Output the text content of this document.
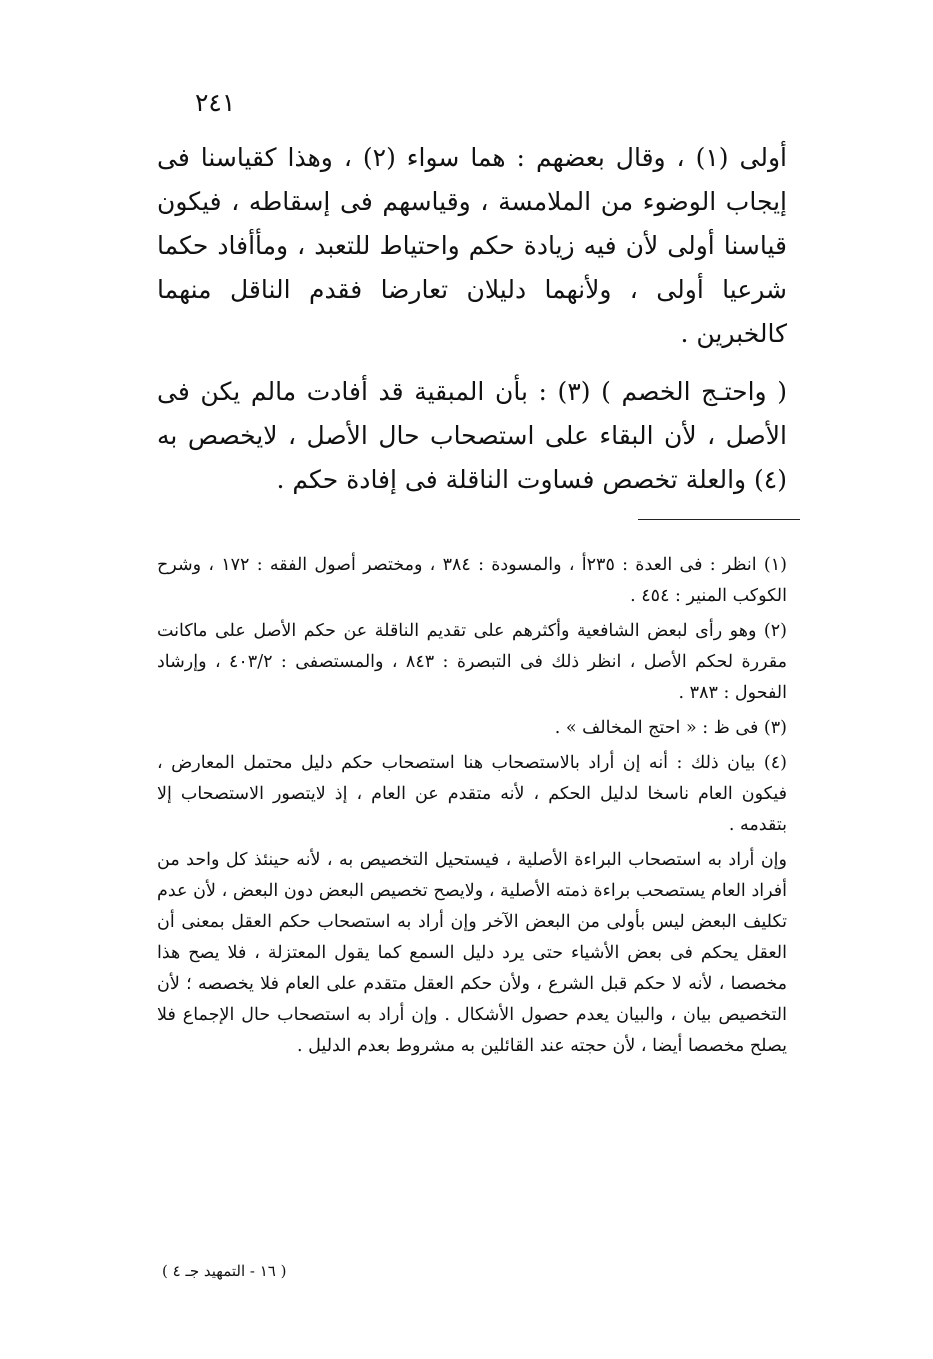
٢٤١

أولى (١) ، وقال بعضهم : هما سواء (٢) ، وهذا كقياسنا فى إيجاب الوضوء من الملامسة ، وقياسهم فى إسقاطه ، فيكون قياسنا أولى لأن فيه زيادة حكم واحتياط للتعبد ، ومأأفاد حكما شرعيا أولى ، ولأنهما دليلان تعارضا فقدم الناقل منهما كالخبرين .

( واحتـج الخصم ) (٣) : بأن المبقية قد أفادت مالم يكن فى الأصل ، لأن البقاء على استصحاب حال الأصل ، لايخصص به (٤) والعلة تخصص فساوت الناقلة فى إفادة حكم .

(١) انظر : فى العدة : ٢٣٥أ ، والمسودة : ٣٨٤ ، ومختصر أصول الفقه : ١٧٢ ، وشرح الكوكب المنير : ٤٥٤ .

(٢) وهو رأى لبعض الشافعية وأكثرهم على تقديم الناقلة عن حكم الأصل على ماكانت مقررة لحكم الأصل ، انظر ذلك فى التبصرة : ٨٤٣ ، والمستصفى : ٤٠٣/٢ ، وإرشاد الفحول : ٣٨٣ .

(٣) فى ظ : « احتج المخالف » .

(٤) بيان ذلك : أنه إن أراد بالاستصحاب هنا استصحاب حكم دليل محتمل المعارض ، فيكون العام ناسخا لدليل الحكم ، لأنه متقدم عن العام ، إذ لايتصور الاستصحاب إلا بتقدمه .

وإن أراد به استصحاب البراءة الأصلية ، فيستحيل التخصيص به ، لأنه حينئذ كل واحد من أفراد العام يستصحب براءة ذمته الأصلية ، ولايصح تخصيص البعض دون البعض ، لأن عدم تكليف البعض ليس بأولى من البعض الآخر وإن أراد به استصحاب حكم العقل بمعنى أن العقل يحكم فى بعض الأشياء حتى يرد دليل السمع كما يقول المعتزلة ، فلا يصح هذا مخصصا ، لأنه لا حكم قبل الشرع ، ولأن حكم العقل متقدم على العام فلا يخصصه ؛ لأن التخصيص بيان ، والبيان يعدم حصول الأشكال . وإن أراد به استصحاب حال الإجماع فلا يصلح مخصصا أيضا ، لأن حجته عند القائلين به مشروط بعدم الدليل .

( ١٦ - التمهيد جـ ٤ )
